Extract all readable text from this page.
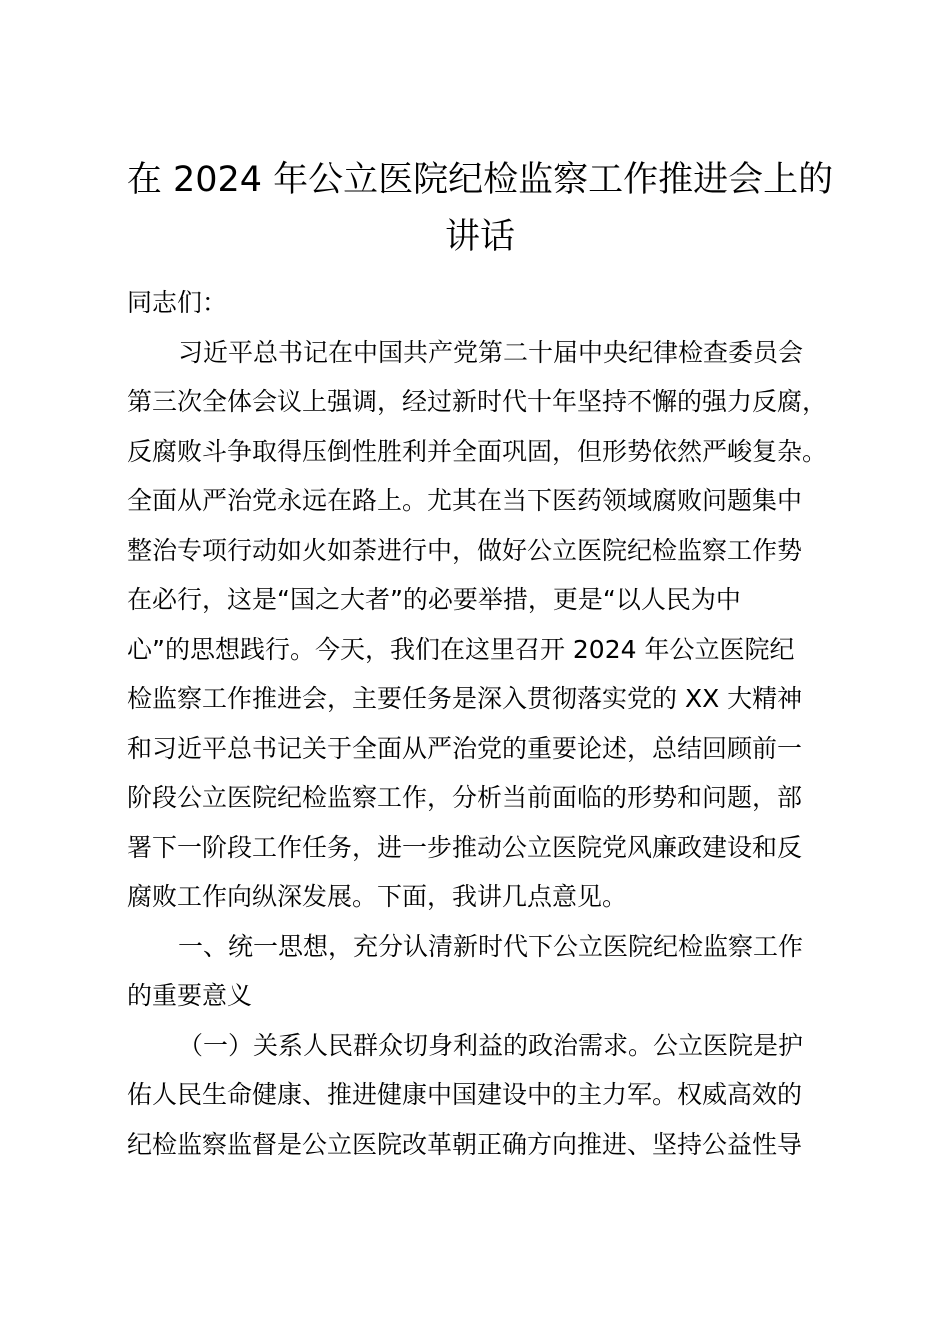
在 2024 年公立医院纪检监察工作推进会上的
讲话
同志们：
习近平总书记在中国共产党第二十届中央纪律检查委员会
第三次全体会议上强调，经过新时代十年坚持不懈的强力反腐，
反腐败斗争取得压倒性胜利并全面巩固，但形势依然严峻复杂。
全面从严治党永远在路上。尤其在当下医药领域腐败问题集中
整治专项行动如火如荼进行中，做好公立医院纪检监察工作势
在必行，这是“国之大者”的必要举措，更是“以人民为中
心”的思想践行。今天，我们在这里召开 2024 年公立医院纪
检监察工作推进会，主要任务是深入贯彻落实党的 XX 大精神
和习近平总书记关于全面从严治党的重要论述，总结回顾前一
阶段公立医院纪检监察工作，分析当前面临的形势和问题，部
署下一阶段工作任务，进一步推动公立医院党风廉政建设和反
腐败工作向纵深发展。下面，我讲几点意见。
一、统一思想，充分认清新时代下公立医院纪检监察工作
的重要意义
（一）关系人民群众切身利益的政治需求。公立医院是护
佑人民生命健康、推进健康中国建设中的主力军。权威高效的
纪检监察监督是公立医院改革朝正确方向推进、坚持公益性导
